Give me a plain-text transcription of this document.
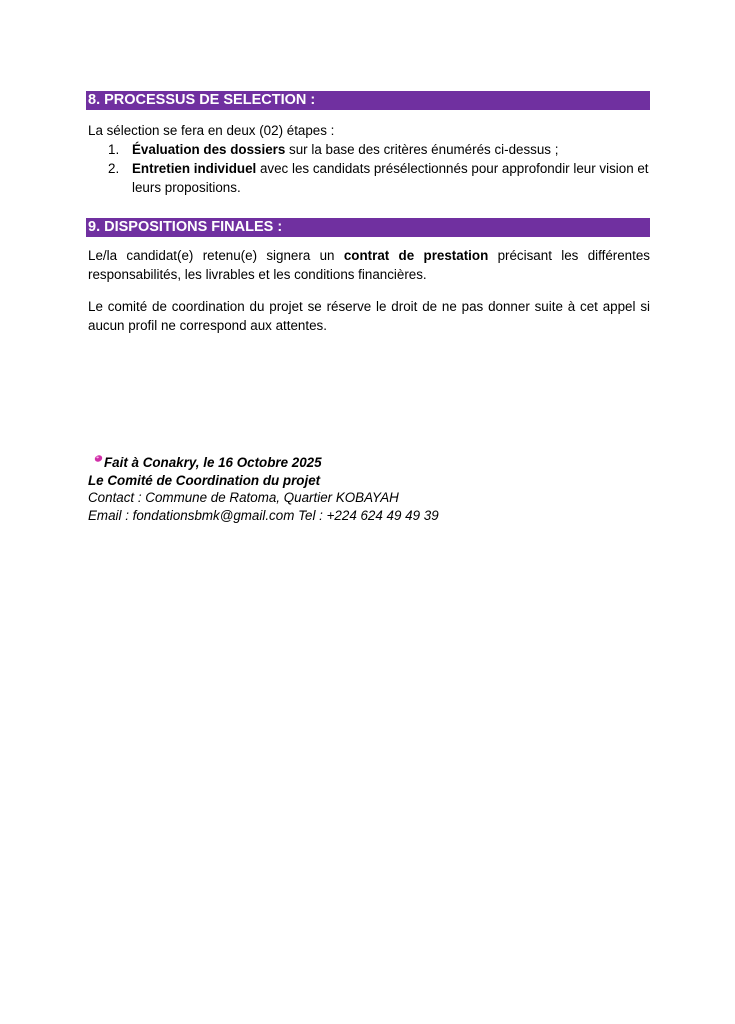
8. PROCESSUS DE SELECTION :
La sélection se fera en deux (02) étapes :
1. Évaluation des dossiers sur la base des critères énumérés ci-dessus ;
2. Entretien individuel avec les candidats présélectionnés pour approfondir leur vision et leurs propositions.
9. DISPOSITIONS FINALES :
Le/la candidat(e) retenu(e) signera un contrat de prestation précisant les différentes responsabilités, les livrables et les conditions financières.
Le comité de coordination du projet se réserve le droit de ne pas donner suite à cet appel si aucun profil ne correspond aux attentes.
Fait à Conakry, le 16 Octobre 2025
Le Comité de Coordination du projet
Contact : Commune de Ratoma, Quartier KOBAYAH
Email : fondationsbmk@gmail.com Tel : +224 624 49 49 39
